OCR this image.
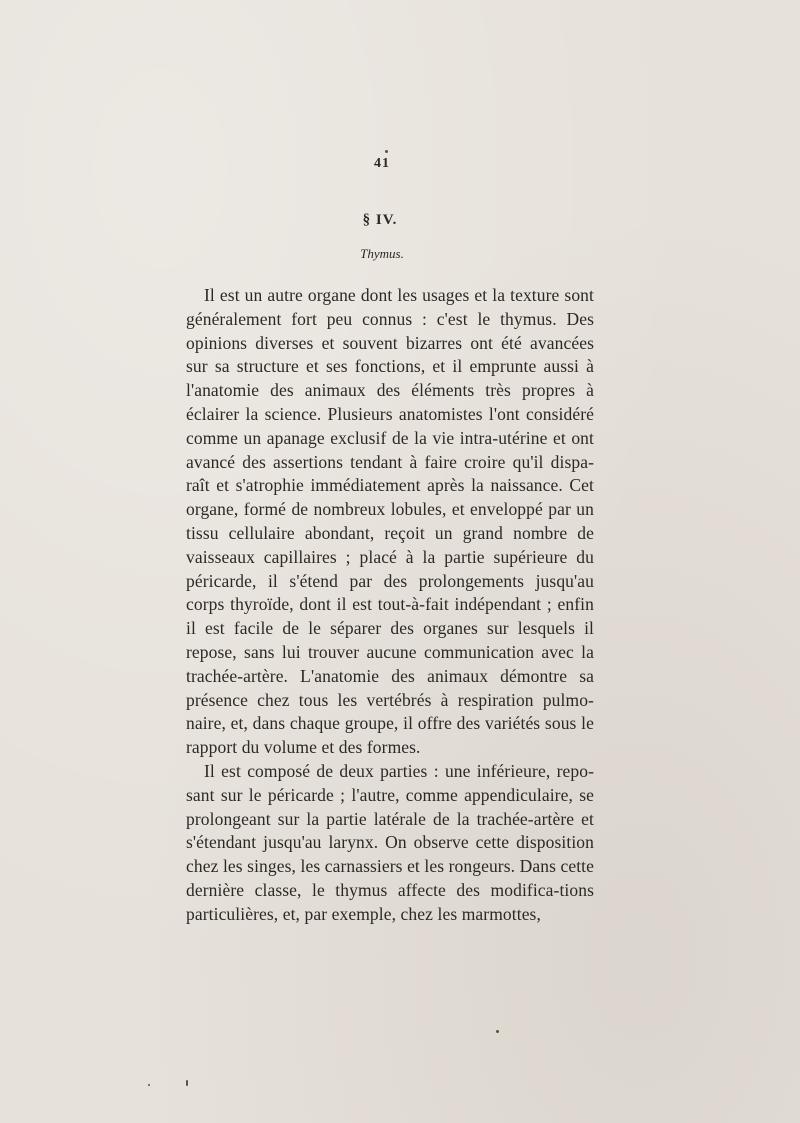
41
§ IV.
Thymus.

Il est un autre organe dont les usages et la texture sont généralement fort peu connus : c'est le thymus. Des opinions diverses et souvent bizarres ont été avancées sur sa structure et ses fonctions, et il emprunte aussi à l'anatomie des animaux des éléments très propres à éclairer la science. Plusieurs anatomistes l'ont considéré comme un apanage exclusif de la vie intra-utérine et ont avancé des assertions tendant à faire croire qu'il dispa-raît et s'atrophie immédiatement après la naissance. Cet organe, formé de nombreux lobules, et enveloppé par un tissu cellulaire abondant, reçoit un grand nombre de vaisseaux capillaires ; placé à la partie supérieure du péricarde, il s'étend par des prolongements jusqu'au corps thyroïde, dont il est tout-à-fait indépendant ; enfin il est facile de le séparer des organes sur lesquels il repose, sans lui trouver aucune communication avec la trachée-artère. L'anatomie des animaux démontre sa présence chez tous les vertébrés à respiration pulmo-naire, et, dans chaque groupe, il offre des variétés sous le rapport du volume et des formes.

Il est composé de deux parties : une inférieure, repo-sant sur le péricarde ; l'autre, comme appendiculaire, se prolongeant sur la partie latérale de la trachée-artère et s'étendant jusqu'au larynx. On observe cette disposition chez les singes, les carnassiers et les rongeurs. Dans cette dernière classe, le thymus affecte des modifica-tions particulières, et, par exemple, chez les marmottes,
